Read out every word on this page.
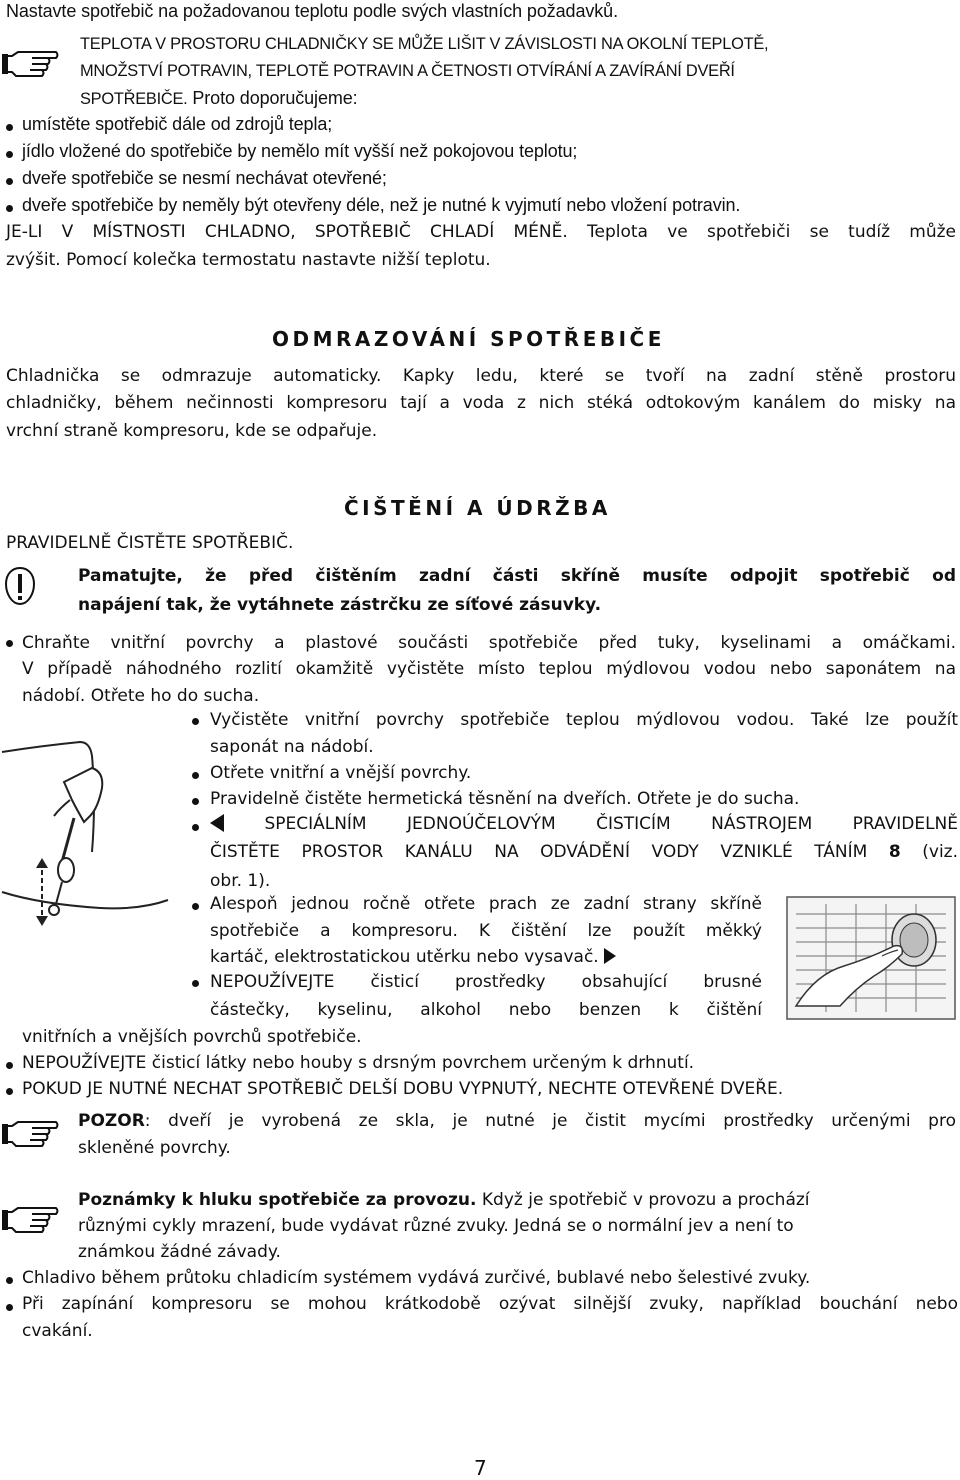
Nastavte spotřebič na požadovanou teplotu podle svých vlastních požadavků.
TEPLOTA V PROSTORU CHLADNIČKY SE MŮŽE LIŠIT V ZÁVISLOSTI NA OKOLNÍ TEPLOTĚ,
MNOŽSTVÍ POTRAVIN, TEPLOTĚ POTRAVIN A ČETNOSTI OTVÍRÁNÍ A ZAVÍRÁNÍ DVEŘÍ
SPOTŘEBIČE. Proto doporučujeme:
umístěte spotřebič dále od zdrojů tepla;
jídlo vložené do spotřebiče by nemělo mít vyšší než pokojovou teplotu;
dveře spotřebiče se nesmí nechávat otevřené;
dveře spotřebiče by neměly být otevřeny déle, než je nutné k vyjmutí nebo vložení potravin.
JE-LI V MÍSTNOSTI CHLADNO, SPOTŘEBIČ CHLADÍ MÉNĚ. Teplota ve spotřebiči se tudíž může
zvýšit. Pomocí kolečka termostatu nastavte nižší teplotu.
ODMRAZOVÁNÍ SPOTŘEBIČE
Chladnička se odmrazuje automaticky. Kapky ledu, které se tvoří na zadní stěně prostoru
chladničky, během nečinnosti kompresoru tají a voda z nich stéká odtokovým kanálem do misky na
vrchní straně kompresoru, kde se odpařuje.
ČIŠTĚNÍ A ÚDRŽBA
PRAVIDELNĚ ČISTĚTE SPOTŘEBIČ.
Pamatujte, že před čištěním zadní části skříně musíte odpojit spotřebič od
napájení tak, že vytáhnete zástrčku ze síťové zásuvky.
Chraňte vnitřní povrchy a plastové součásti spotřebiče před tuky, kyselinami a omáčkami.
V případě náhodného rozlití okamžitě vyčistěte místo teplou mýdlovou vodou nebo saponátem na
nádobí. Otřete ho do sucha.
Vyčistěte vnitřní povrchy spotřebiče teplou mýdlovou vodou. Také lze použít
saponát na nádobí.
Otřete vnitřní a vnější povrchy.
Pravidelně čistěte hermetická těsnění na dveřích. Otřete je do sucha.
SPECIÁLNÍM JEDNOÚČELOVÝM ČISTICÍM NÁSTROJEM PRAVIDELNĚ
ČISTĚTE PROSTOR KANÁLU NA ODVÁDĚNÍ VODY VZNIKLÉ TÁNÍM 8 (viz.
obr. 1).
Alespoň jednou ročně otřete prach ze zadní strany skříně
spotřebiče a kompresoru. K čištění lze použít měkký
kartáč, elektrostatickou utěrku nebo vysavač.
NEPOUŽÍVEJTE čisticí prostředky obsahující brusné
částečky, kyselinu, alkohol nebo benzen k čištění
vnitřních a vnějších povrchů spotřebiče.
NEPOUŽÍVEJTE čisticí látky nebo houby s drsným povrchem určeným k drhnutí.
POKUD JE NUTNÉ NECHAT SPOTŘEBIČ DELŠÍ DOBU VYPNUTÝ, NECHTE OTEVŘENÉ DVEŘE.
POZOR: dveří je vyrobená ze skla, je nutné je čistit mycími prostředky určenými pro
skleněné povrchy.
Poznámky k hluku spotřebiče za provozu. Když je spotřebič v provozu a prochází
různými cykly mrazení, bude vydávat různé zvuky. Jedná se o normální jev a není to
známkou žádné závady.
Chladivo během průtoku chladicím systémem vydává zurčivé, bublavé nebo šelestivé zvuky.
Při zapínání kompresoru se mohou krátkodobě ozývat silnější zvuky, například bouchání nebo
cvakání.
7
